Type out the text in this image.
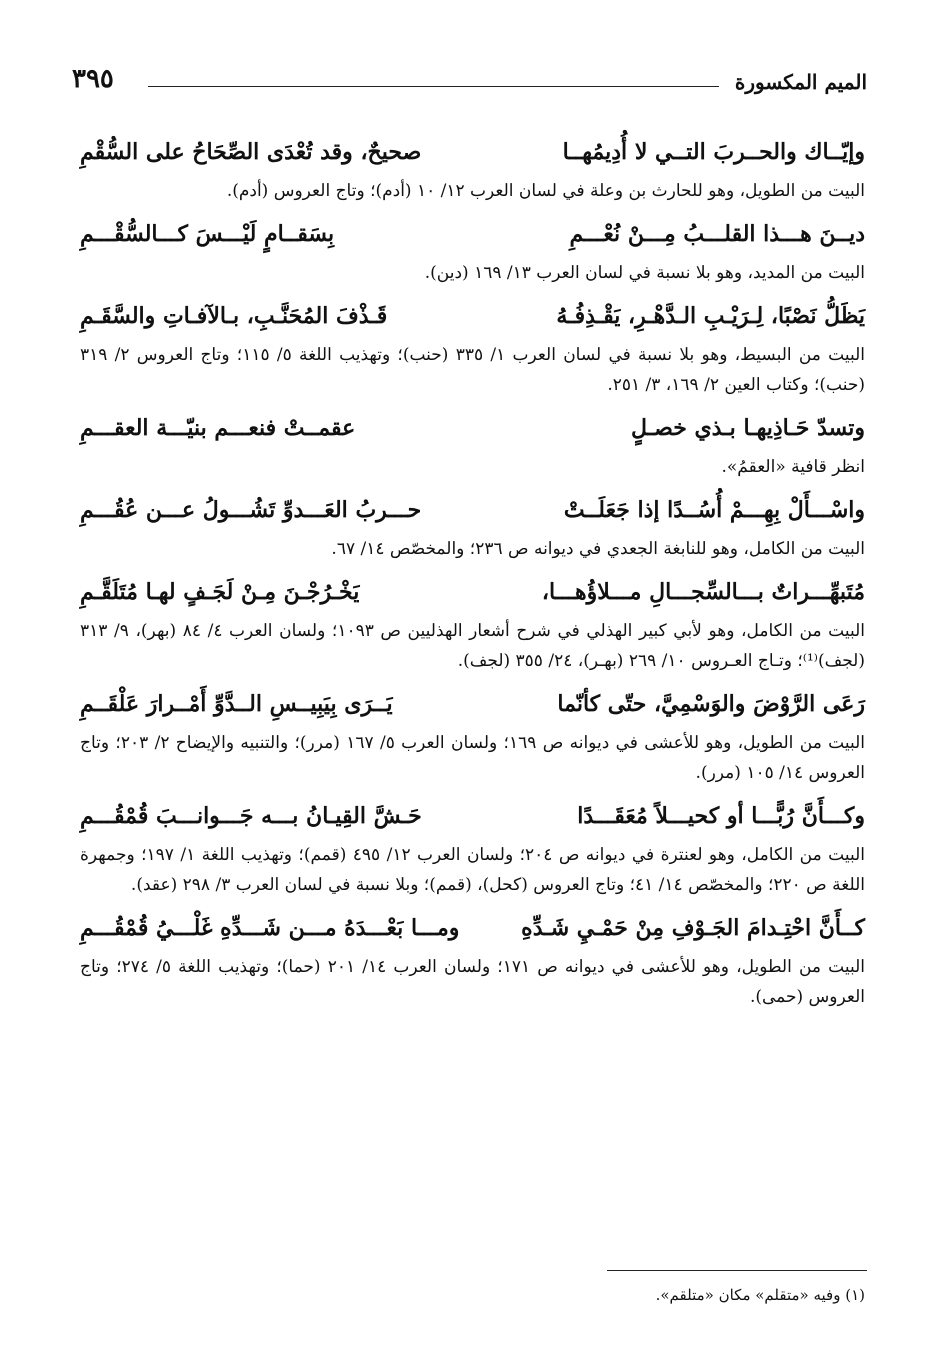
الميم المكسورة
٣٩٥
وإيّــاك والحــربَ التــي لا أُدِيمُهــا
صحيحٌ، وقد تُعْدَى الصِّحَاحُ على السُّقْمِ

البيت من الطويل، وهو للحارث بن وعلة في لسان العرب ١٢/ ١٠ (أدم)؛ وتاج العروس (أدم).

ديــنَ هـــذا القلـــبُ مِـــنْ نُعْـــمِ
بِسَقــامٍ لَيْـــسَ كـــالسُّقْـــمِ

البيت من المديد، وهو بلا نسبة في لسان العرب ١٣/ ١٦٩ (دين).

يَظَلُّ نَصْبًا، لِـرَيْـبِ الـدَّهْـرِ، يَقْـذِفُـهُ
قَـذْفَ المُحَنَّـبِ، بـالآفـاتِ والسَّقَـمِ

البيت من البسيط، وهو بلا نسبة في لسان العرب ١/ ٣٣٥ (حنب)؛ وتهذيب اللغة ٥/ ١١٥؛ وتاج العروس ٢/ ٣١٩ (حنب)؛ وكتاب العين ٢/ ١٦٩، ٣/ ٢٥١.

وتسدّ حَـاذِيهـا بـذي خصـلٍ
عقمــتْ فنعـــم بنيّـــة العقـــمِ

انظر قافية «العقمُ».

واسْـــأَلْ بِهِـــمْ أُسُــدًا إذا جَعَلَــتْ
حـــربُ العَـــدوِّ تَشُـــولُ عـــن عُقُـــمِ

البيت من الكامل، وهو للنابغة الجعدي في ديوانه ص ٢٣٦؛ والمخصّص ١٤/ ٦٧.

مُتَبهِّـــراتٌ بـــالسِّجـــالِ مـــلاؤُهـــا،
يَخْـرُجْـنَ مِـنْ لَجَـفٍ لهـا مُتَلَقَّـمِ

البيت من الكامل، وهو لأبي كبير الهذلي في شرح أشعار الهذليين ص ١٠٩٣؛ ولسان العرب ٤/ ٨٤ (بهر)، ٩/ ٣١٣ (لجف)⁽¹⁾؛ وتـاج العـروس ١٠/ ٢٦٩ (بهـر)، ٢٤/ ٣٥٥ (لجف).

رَعَى الرَّوْضَ والوَسْمِيَّ، حتّى كأنّما
يَــرَى بِيَبِيــسِ الــدَّوِّ أَمْــرارَ عَلْقَــمِ

البيت من الطويل، وهو للأعشى في ديوانه ص ١٦٩؛ ولسان العرب ٥/ ١٦٧ (مرر)؛ والتنبيه والإيضاح ٢/ ٢٠٣؛ وتاج العروس ١٤/ ١٠٥ (مرر).

وكـــأَنَّ رُبًّـــا أو كحيـــلاً مُعَقَـــدًا
حَـشَّ القِيـانُ بـــه جَـــوانـــبَ قُمْقُـــمِ

البيت من الكامل، وهو لعنترة في ديوانه ص ٢٠٤؛ ولسان العرب ١٢/ ٤٩٥ (قمم)؛ وتهذيب اللغة ١/ ١٩٧؛ وجمهرة اللغة ص ٢٢٠؛ والمخصّص ١٤/ ٤١؛ وتاج العروس (كحل)، (قمم)؛ وبلا نسبة في لسان العرب ٣/ ٢٩٨ (عقد).

كــأَنَّ احْتِـدامَ الجَـوْفِ مِنْ حَمْـيِ شَـدِّهِ
ومـــا بَعْـــدَهُ مـــن شَـــدِّهِ غَلْـــيُ قُمْقُـــمِ

البيت من الطويل، وهو للأعشى في ديوانه ص ١٧١؛ ولسان العرب ١٤/ ٢٠١ (حما)؛ وتهذيب اللغة ٥/ ٢٧٤؛ وتاج العروس (حمى).

(١) وفيه «متقلم» مكان «متلقم».
